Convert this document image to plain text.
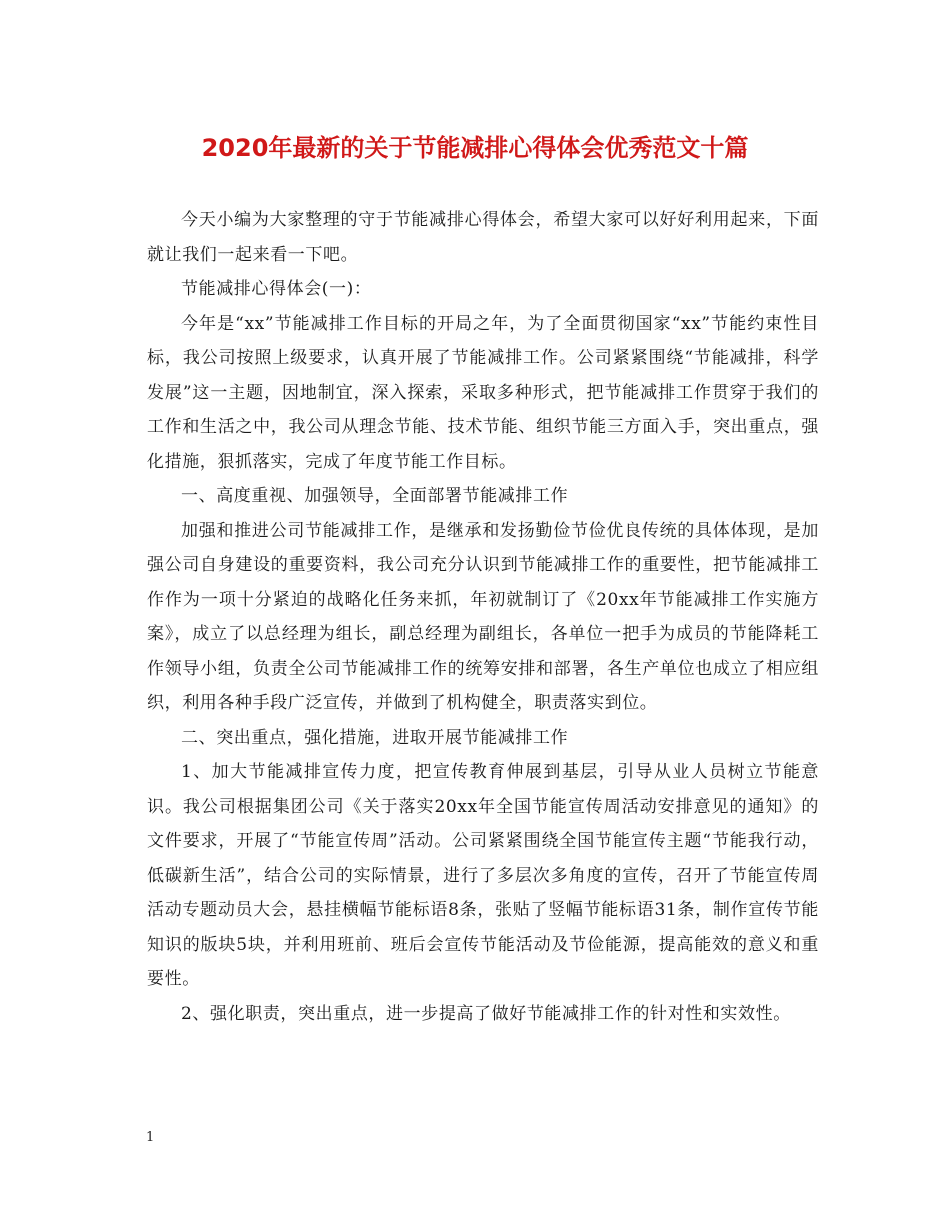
2020年最新的关于节能减排心得体会优秀范文十篇

今天小编为大家整理的守于节能减排心得体会，希望大家可以好好利用起来，下面就让我们一起来看一下吧。

节能减排心得体会(一)：

今年是“xx”节能减排工作目标的开局之年，为了全面贯彻国家“xx”节能约束性目标，我公司按照上级要求，认真开展了节能减排工作。公司紧紧围绕“节能减排，科学发展”这一主题，因地制宜，深入探索，采取多种形式，把节能减排工作贯穿于我们的工作和生活之中，我公司从理念节能、技术节能、组织节能三方面入手，突出重点，强化措施，狠抓落实，完成了年度节能工作目标。

一、高度重视、加强领导，全面部署节能减排工作

加强和推进公司节能减排工作，是继承和发扬勤俭节俭优良传统的具体体现，是加强公司自身建设的重要资料，我公司充分认识到节能减排工作的重要性，把节能减排工作作为一项十分紧迫的战略化任务来抓，年初就制订了《20xx年节能减排工作实施方案》，成立了以总经理为组长，副总经理为副组长，各单位一把手为成员的节能降耗工作领导小组，负责全公司节能减排工作的统筹安排和部署，各生产单位也成立了相应组织，利用各种手段广泛宣传，并做到了机构健全，职责落实到位。

二、突出重点，强化措施，进取开展节能减排工作

1、加大节能减排宣传力度，把宣传教育伸展到基层，引导从业人员树立节能意识。我公司根据集团公司《关于落实20xx年全国节能宣传周活动安排意见的通知》的文件要求，开展了“节能宣传周”活动。公司紧紧围绕全国节能宣传主题“节能我行动，低碳新生活”，结合公司的实际情景，进行了多层次多角度的宣传，召开了节能宣传周活动专题动员大会，悬挂横幅节能标语8条，张贴了竖幅节能标语31条，制作宣传节能知识的版块5块，并利用班前、班后会宣传节能活动及节俭能源，提高能效的意义和重要性。

2、强化职责，突出重点，进一步提高了做好节能减排工作的针对性和实效性。

1
